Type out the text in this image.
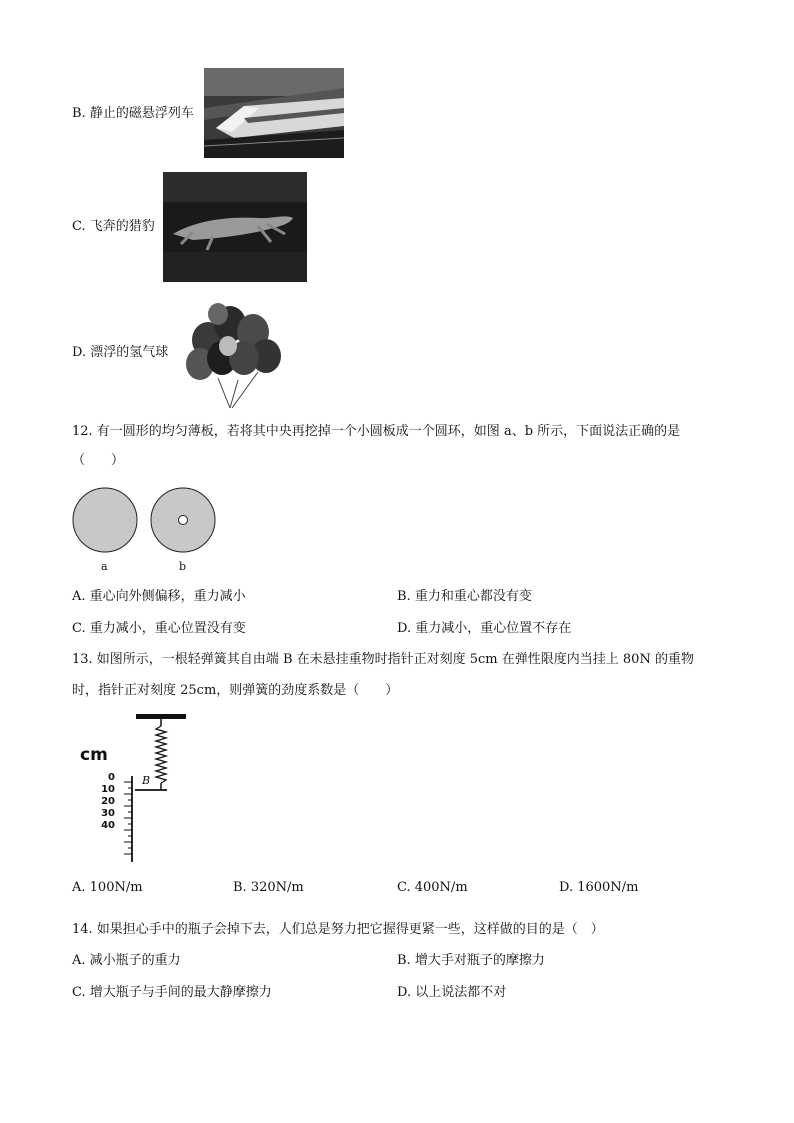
B. 静止的磁悬浮列车
C. 飞奔的猎豹
D. 漂浮的氢气球
12. 有一圆形的均匀薄板，若将其中央再挖掉一个小圆板成一个圆环，如图 a、b 所示，下面说法正确的是
（　　）
a	b
A. 重心向外侧偏移，重力减小	B. 重力和重心都没有变
C. 重力减小，重心位置没有变	D. 重力减小，重心位置不存在
13. 如图所示，一根轻弹簧其自由端 B 在未悬挂重物时指针正对刻度 5cm 在弹性限度内当挂上 80N 的重物
时，指针正对刻度 25cm，则弹簧的劲度系数是（　　）
cm
B
0
10
20
30
40
A. 100N/m	B. 320N/m	C. 400N/m	D. 1600N/m
14. 如果担心手中的瓶子会掉下去，人们总是努力把它握得更紧一些，这样做的目的是（　）
A. 减小瓶子的重力	B. 增大手对瓶子的摩擦力
C. 增大瓶子与手间的最大静摩擦力	D. 以上说法都不对
